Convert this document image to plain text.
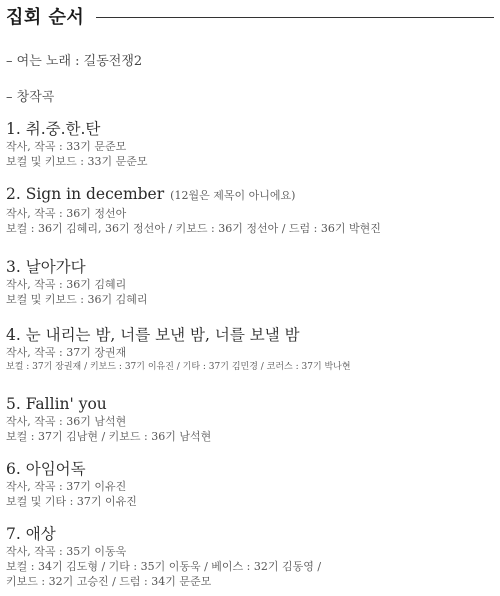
집회 순서
– 여는 노래 : 길동전쟁2
– 창작곡
1. 취.중.한.탄
작사, 작곡 : 33기 문준모
보컬 및 키보드 : 33기 문준모
2. Sign in december (12월은 제목이 아니에요)
작사, 작곡 : 36기 정선아
보컬 : 36기 김혜리, 36기 정선아 / 키보드 : 36기 정선아 / 드럼 : 36기 박현진
3. 날아가다
작사, 작곡 : 36기 김혜리
보컬 및 키보드 : 36기 김혜리
4. 눈 내리는 밤, 너를 보낸 밤, 너를 보낼 밤
작사, 작곡 : 37기 장권재
보컬 : 37기 장권재 / 키보드 : 37기 이유진 / 기타 : 37기 김민경 / 코러스 : 37기 박나현
5. Fallin' you
작사, 작곡 : 36기 남석현
보컬 : 37기 김남현 / 키보드 : 36기 남석현
6. 아임어독
작사, 작곡 : 37기 이유진
보컬 및 기타 : 37기 이유진
7. 애상
작사, 작곡 : 35기 이동욱
보컬 : 34기 김도형 / 기타 : 35기 이동욱 / 베이스 : 32기 김동영 /
키보드 : 32기 고승진 / 드럼 : 34기 문준모
